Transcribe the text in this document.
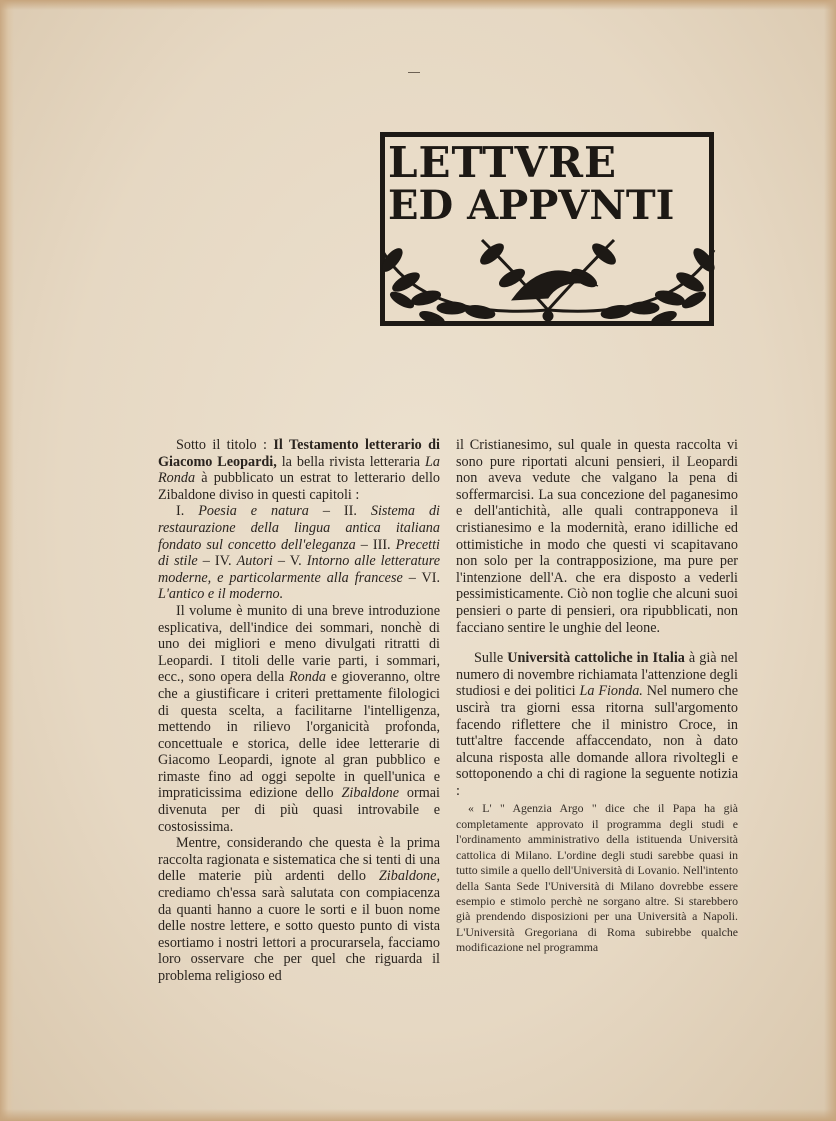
LETTVRE
ED APPVNTI

Sotto il titolo : Il Testamento letterario di Giacomo Leopardi, la bella rivista letteraria La Ronda à pubblicato un estrat to letterario dello Zibaldone diviso in questi capitoli :

I. Poesia e natura – II. Sistema di restaurazione della lingua antica italiana fondato sul concetto dell'eleganza – III. Precetti di stile – IV. Autori – V. Intorno alle letterature moderne, e particolarmente alla francese – VI. L'antico e il moderno.

Il volume è munito di una breve introduzione esplicativa, dell'indice dei sommari, nonchè di uno dei migliori e meno divulgati ritratti di Leopardi. I titoli delle varie parti, i sommari, ecc., sono opera della Ronda e gioveranno, oltre che a giustificare i criteri prettamente filologici di questa scelta, a facilitarne l'intelligenza, mettendo in rilievo l'organicità profonda, concettuale e storica, delle idee letterarie di Giacomo Leopardi, ignote al gran pubblico e rimaste fino ad oggi sepolte in quell'unica e impraticissima edizione dello Zibaldone ormai divenuta per di più quasi introvabile e costosissima.

Mentre, considerando che questa è la prima raccolta ragionata e sistematica che si tenti di una delle materie più ardenti dello Zibaldone, crediamo ch'essa sarà salutata con compiacenza da quanti hanno a cuore le sorti e il buon nome delle nostre lettere, e sotto questo punto di vista esortiamo i nostri lettori a procurarsela, facciamo loro osservare che per quel che riguarda il problema religioso ed

il Cristianesimo, sul quale in questa raccolta vi sono pure riportati alcuni pensieri, il Leopardi non aveva vedute che valgano la pena di soffermarcisi. La sua concezione del paganesimo e dell'antichità, alle quali contrapponeva il cristianesimo e la modernità, erano idilliche ed ottimistiche in modo che questi vi scapitavano non solo per la contrapposizione, ma pure per l'intenzione dell'A. che era disposto a vederli pessimisticamente. Ciò non toglie che alcuni suoi pensieri o parte di pensieri, ora ripubblicati, non facciano sentire le unghie del leone.

Sulle Università cattoliche in Italia à già nel numero di novembre richiamata l'attenzione degli studiosi e dei politici La Fionda. Nel numero che uscirà tra giorni essa ritorna sull'argomento facendo riflettere che il ministro Croce, in tutt'altre faccende affaccendato, non à dato alcuna risposta alle domande allora rivoltegli e sottoponendo a chi di ragione la seguente notizia :

« L' " Agenzia Argo " dice che il Papa ha già completamente approvato il programma degli studi e l'ordinamento amministrativo della istituenda Università cattolica di Milano. L'ordine degli studi sarebbe quasi in tutto simile a quello dell'Università di Lovanio. Nell'intento della Santa Sede l'Università di Milano dovrebbe essere esempio e stimolo perchè ne sorgano altre. Si starebbero già prendendo disposizioni per una Università a Napoli. L'Università Gregoriana di Roma subirebbe qualche modificazione nel programma
